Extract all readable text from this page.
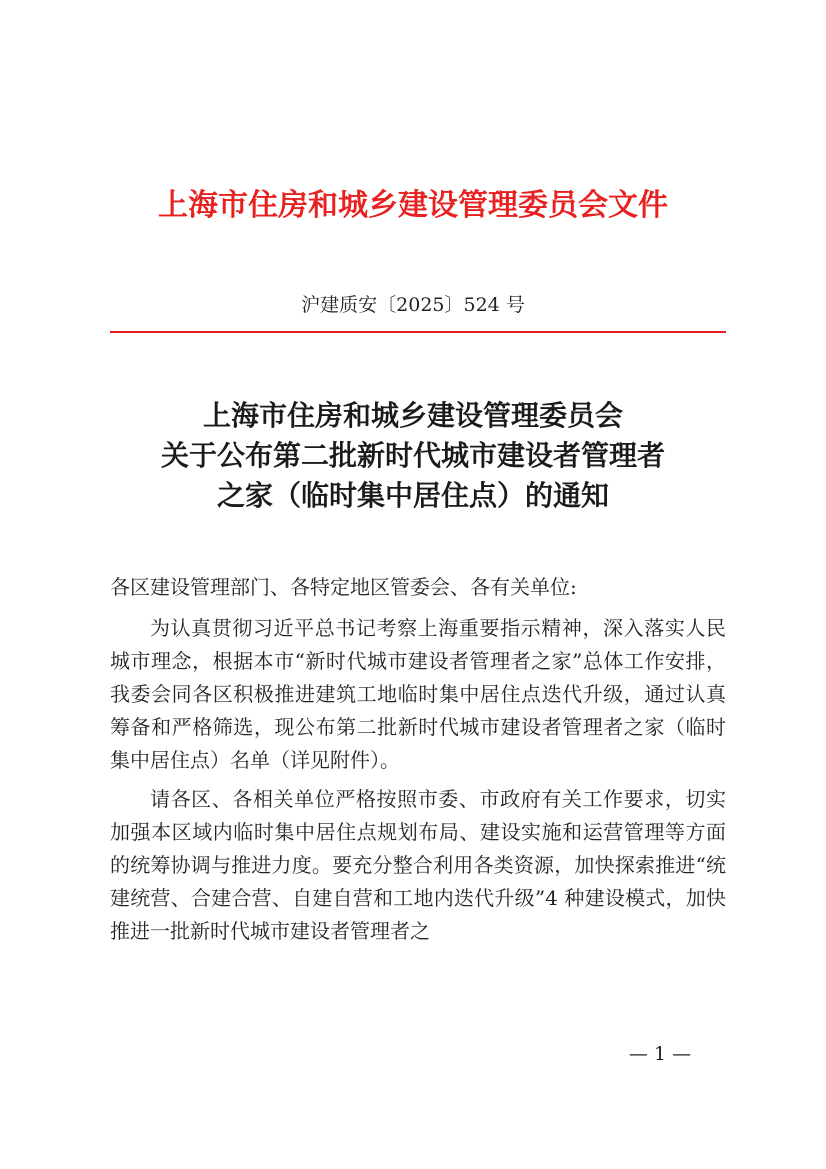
上海市住房和城乡建设管理委员会文件
沪建质安〔2025〕524 号
上海市住房和城乡建设管理委员会
关于公布第二批新时代城市建设者管理者
之家（临时集中居住点）的通知

各区建设管理部门、各特定地区管委会、各有关单位:

为认真贯彻习近平总书记考察上海重要指示精神，深入落实人民城市理念，根据本市“新时代城市建设者管理者之家”总体工作安排，我委会同各区积极推进建筑工地临时集中居住点迭代升级，通过认真筹备和严格筛选，现公布第二批新时代城市建设者管理者之家（临时集中居住点）名单（详见附件）。

请各区、各相关单位严格按照市委、市政府有关工作要求，切实加强本区域内临时集中居住点规划布局、建设实施和运营管理等方面的统筹协调与推进力度。要充分整合利用各类资源，加快探索推进“统建统营、合建合营、自建自营和工地内迭代升级”4 种建设模式，加快推进一批新时代城市建设者管理者之

— 1 —
